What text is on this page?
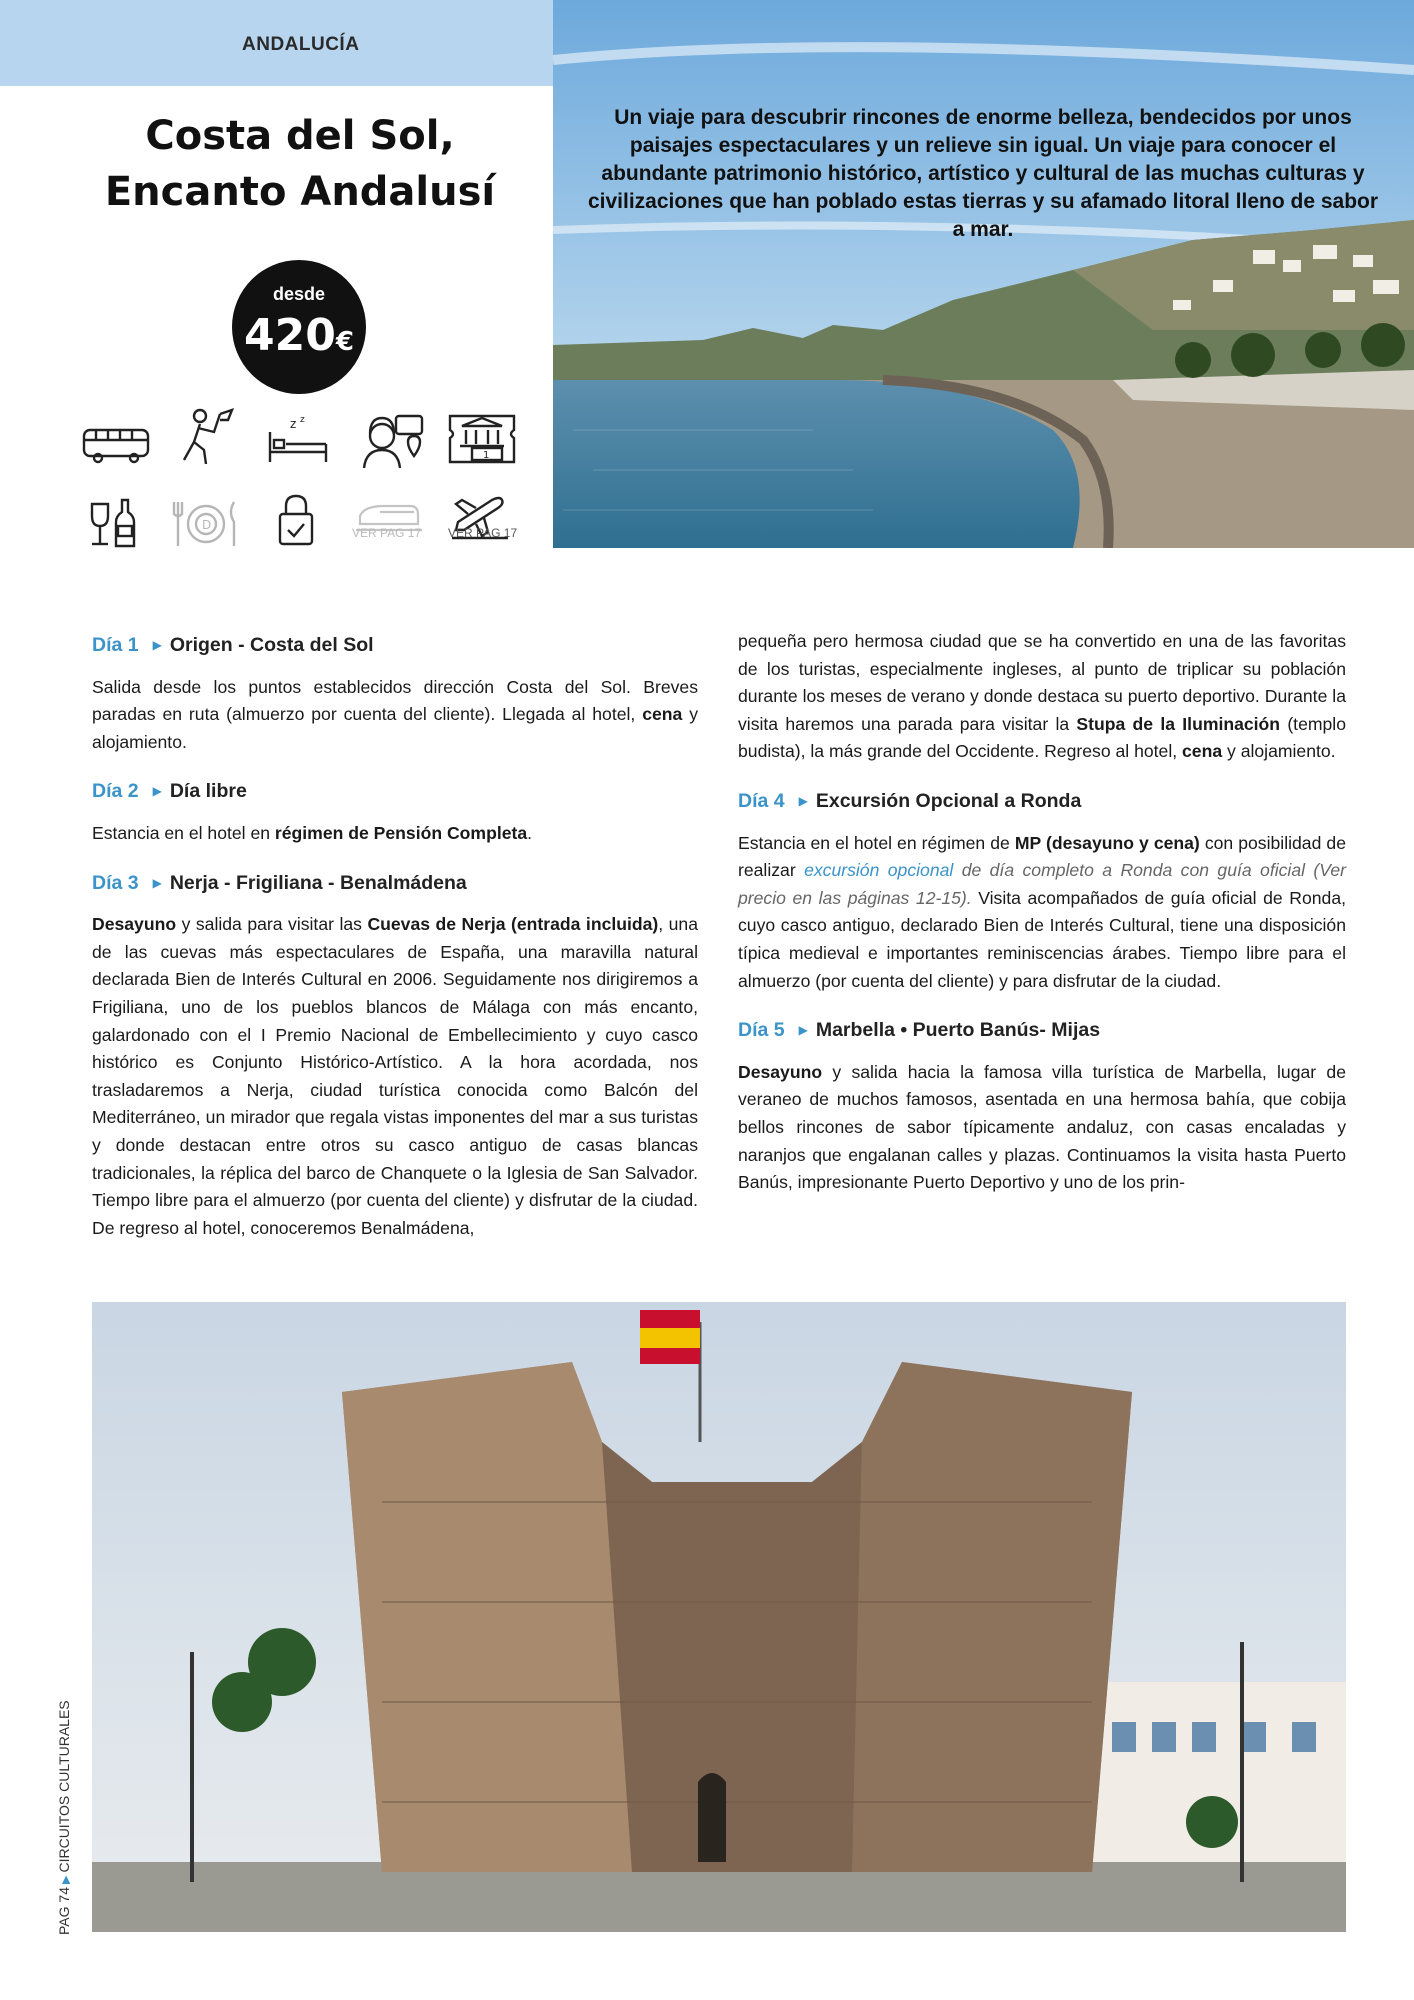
ANDALUCÍA
Un viaje para descubrir rincones de enorme belleza, bendecidos por unos paisajes espectaculares y un relieve sin igual. Un viaje para conocer el abundante patrimonio histórico, artístico y cultural de las muchas culturas y civilizaciones que han poblado estas tierras y su afamado litoral lleno de sabor a mar.
Costa del Sol,
Encanto Andalusí
desde
420€
z z
1
D
VER PAG 17 VER PAG 17
Día 1 ▶ Origen - Costa del Sol

Salida desde los puntos establecidos dirección Costa del Sol. Breves paradas en ruta (almuerzo por cuenta del cliente). Llegada al hotel, cena y alojamiento.

Día 2 ▶ Día libre

Estancia en el hotel en régimen de Pensión Completa.

Día 3 ▶ Nerja - Frigiliana - Benalmádena

Desayuno y salida para visitar las Cuevas de Nerja (entrada incluida), una de las cuevas más espectaculares de España, una maravilla natural declarada Bien de Interés Cultural en 2006. Seguidamente nos dirigiremos a Frigiliana, uno de los pueblos blancos de Málaga con más encanto, galardonado con el I Premio Nacional de Embellecimiento y cuyo casco histórico es Conjunto Histórico-Artístico. A la hora acordada, nos trasladaremos a Nerja, ciudad turística conocida como Balcón del Mediterráneo, un mirador que regala vistas imponentes del mar a sus turistas y donde destacan entre otros su casco antiguo de casas blancas tradicionales, la réplica del barco de Chanquete o la Iglesia de San Salvador. Tiempo libre para el almuerzo (por cuenta del cliente) y disfrutar de la ciudad. De regreso al hotel, conoceremos Benalmádena,

pequeña pero hermosa ciudad que se ha convertido en una de las favoritas de los turistas, especialmente ingleses, al punto de triplicar su población durante los meses de verano y donde destaca su puerto deportivo. Durante la visita haremos una parada para visitar la Stupa de la Iluminación (templo budista), la más grande del Occidente. Regreso al hotel, cena y alojamiento.

Día 4 ▶ Excursión Opcional a Ronda

Estancia en el hotel en régimen de MP (desayuno y cena) con posibilidad de realizar excursión opcional de día completo a Ronda con guía oficial (Ver precio en las páginas 12-15). Visita acompañados de guía oficial de Ronda, cuyo casco antiguo, declarado Bien de Interés Cultural, tiene una disposición típica medieval e importantes reminiscencias árabes. Tiempo libre para el almuerzo (por cuenta del cliente) y para disfrutar de la ciudad.

Día 5 ▶ Marbella • Puerto Banús- Mijas

Desayuno y salida hacia la famosa villa turística de Marbella, lugar de veraneo de muchos famosos, asentada en una hermosa bahía, que cobija bellos rincones de sabor típicamente andaluz, con casas encaladas y naranjos que engalanan calles y plazas. Continuamos la visita hasta Puerto Banús, impresionante Puerto Deportivo y uno de los prin-

PAG 74▶CIRCUITOS CULTURALES
